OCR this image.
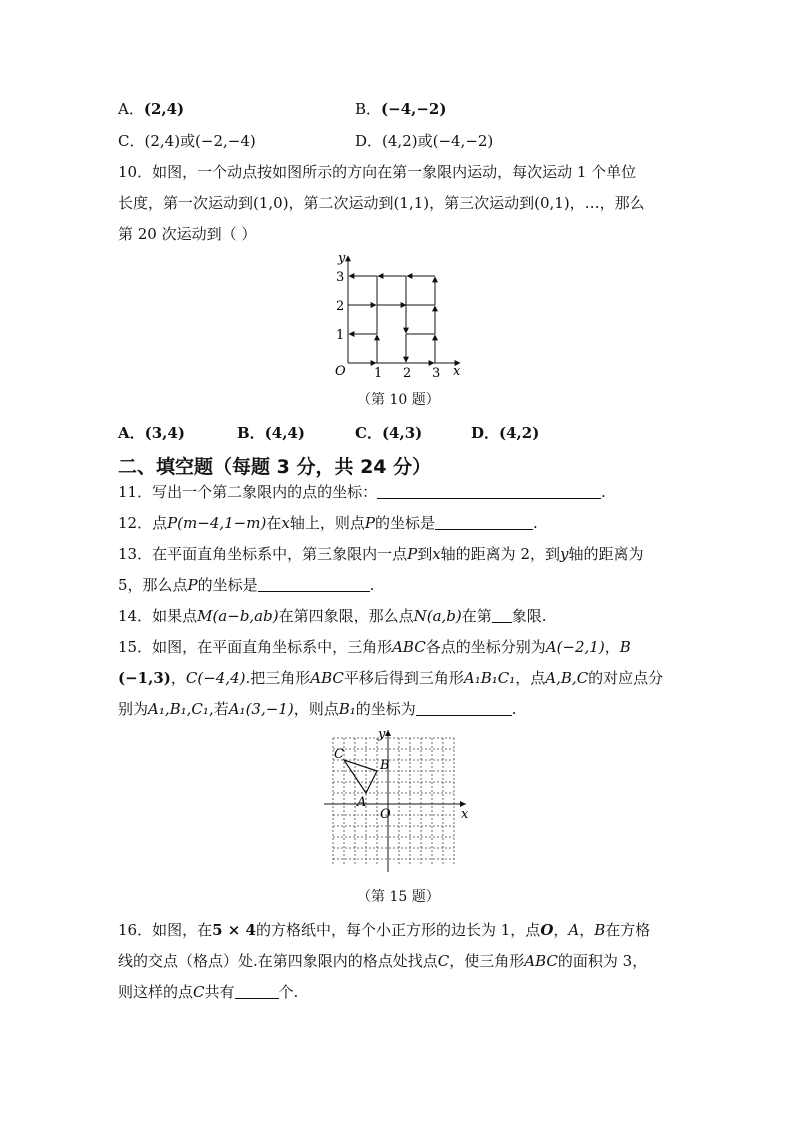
A．(2,4)	B．(−4,−2)
C．(2,4)或(−2,−4)	D．(4,2)或(−4,−2)
10．如图，一个动点按如图所示的方向在第一象限内运动，每次运动 1 个单位
长度，第一次运动到(1,0)，第二次运动到(1,1)，第三次运动到(0,1)，…，那么
第 20 次运动到（ ）
O 1 2 3 x
1
2
3
y
（第 10 题）
A．(3,4)	B．(4,4)	C．(4,3)	D．(4,2)
二、填空题（每题 3 分，共 24 分）
11．写出一个第二象限内的点的坐标：	.
12．点P(m−4,1−m)在x轴上，则点P的坐标是	.
13．在平面直角坐标系中，第三象限内一点P到x轴的距离为 2，到y轴的距离为
5，那么点P的坐标是	.
14．如果点M(a−b,ab)在第四象限，那么点N(a,b)在第 象限.
15．如图，在平面直角坐标系中，三角形ABC各点的坐标分别为A(−2,1)，B
(−1,3)，C(−4,4).把三角形ABC平移后得到三角形A₁B₁C₁，点A,B,C的对应点分
别为A₁,B₁,C₁,若A₁(3,−1)，则点B₁的坐标为	.
C
B
A
O	x
y
（第 15 题）
16．如图，在5 × 4的方格纸中，每个小正方形的边长为 1，点O，A，B在方格
线的交点（格点）处.在第四象限内的格点处找点C，使三角形ABC的面积为 3，
则这样的点C共有	个.
